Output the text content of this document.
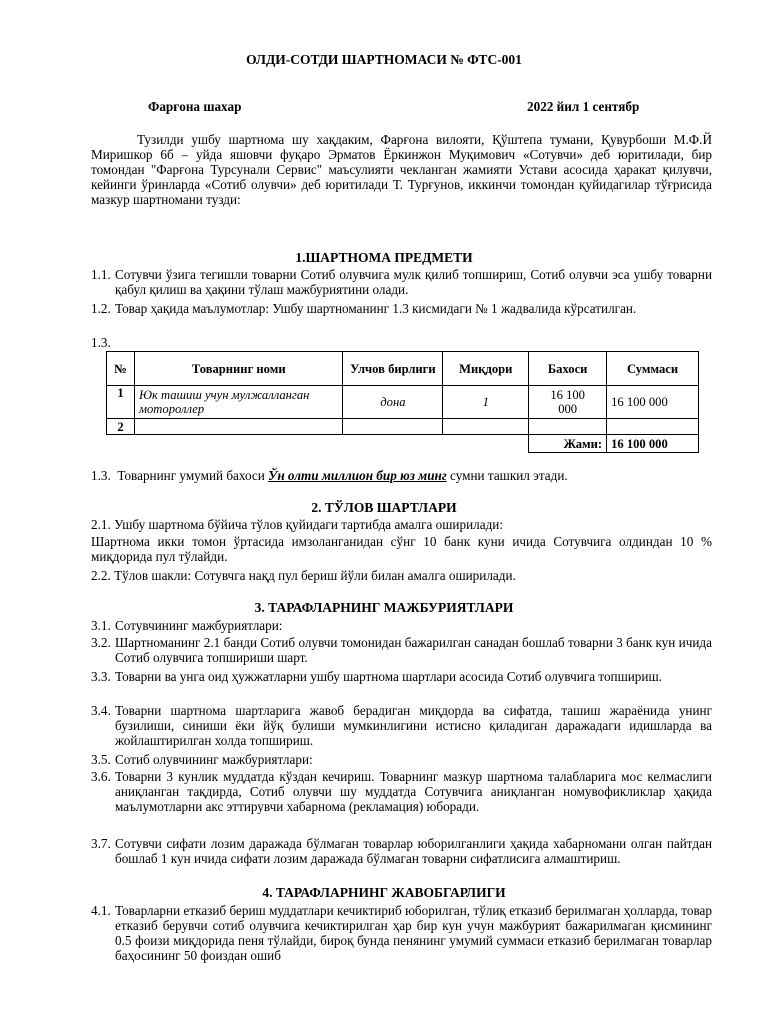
ОЛДИ-СОТДИ ШАРТНОМАСИ № ФТС-001
Фарғона шахар	2022 йил 1 сентябр

Тузилди ушбу шартнома шу хақдаким, Фарғона вилояти, Қўштепа тумани, Қувурбоши М.Ф.Й Миришкор 6б – уйда яшовчи фуқаро Эрматов Ёркинжон Муқимович «Сотувчи» деб юритилади, бир томондан "Фарғона Турсунали Сервис" маъсулияти чекланган жамияти Устави асосида ҳаракат қилувчи, кейинги ўринларда «Сотиб олувчи» деб юритилади Т. Турғунов, иккинчи томондан қуйидагилар тўғрисида мазкур шартномани тузди:

1.ШАРТНОМА ПРЕДМЕТИ
1.1. Сотувчи ўзига тегишли товарни Сотиб олувчига мулк қилиб топшириш, Сотиб олувчи эса ушбу товарни қабул қилиш ва ҳақини тўлаш мажбуриятини олади.
1.2. Товар ҳақида маълумотлар: Ушбу шартноманинг 1.3 кисмидаги № 1 жадвалида кўрсатилган.
1.3.
№	Товарнинг номи	Улчов бирлиги	Миқдори	Бахоси	Суммаси
1	Юк ташиш учун мулжалланган мотороллер	дона	1	16 100 000	16 100 000
2					
				Жами:	16 100 000
1.3. Товарнинг умумий бахоси Ўн олти миллион бир юз минг сумни ташкил этади.
2. ТЎЛОВ ШАРТЛАРИ
2.1. Ушбу шартнома бўйича тўлов қуйидаги тартибда амалга оширилади:
Шартнома икки томон ўртасида имзоланганидан сўнг 10 банк куни ичида Сотувчига олдиндан 10 % миқдорида пул тўлайди.
2.2. Тўлов шакли: Сотувчга нақд пул бериш йўли билан амалга оширилади.
3. ТАРАФЛАРНИНГ МАЖБУРИЯТЛАРИ
3.1. Сотувчининг мажбуриятлари:
3.2. Шартноманинг 2.1 банди Сотиб олувчи томонидан бажарилган санадан бошлаб товарни 3 банк кун ичида Сотиб олувчига топшириши шарт.
3.3. Товарни ва унга оид ҳужжатларни ушбу шартнома шартлари асосида Сотиб олувчига топшириш.
3.4. Товарни шартнома шартларига жавоб берадиган миқдорда ва сифатда, ташиш жараёнида унинг бузилиши, синиши ёки йўқ булиши мумкинлигини истисно қиладиган даражадаги идишларда ва жойлаштирилган холда топшириш.
3.5. Сотиб олувчининг мажбуриятлари:
3.6. Товарни 3 кунлик муддатда кўздан кечириш. Товарнинг мазкур шартнома талабларига мос келмаслиги аниқланган тақдирда, Сотиб олувчи шу муддатда Сотувчига аниқланган номувофикликлар ҳақида маълумотларни акс эттирувчи хабарнома (рекламация) юборади.
3.7. Сотувчи сифати лозим даражада бўлмаган товарлар юборилганлиги ҳақида хабарномани олган пайтдан бошлаб 1 кун ичида сифати лозим даражада бўлмаган товарни сифатлисига алмаштириш.
4. ТАРАФЛАРНИНГ ЖАВОБГАРЛИГИ
4.1. Товарларни етказиб бериш муддатлари кечиктириб юборилган, тўлиқ етказиб берилмаган ҳолларда, товар етказиб берувчи сотиб олувчига кечиктирилган ҳар бир кун учун мажбурият бажарилмаган қисмининг 0.5 фоизи миқдорида пеня тўлайди, бироқ бунда пенянинг умумий суммаси етказиб берилмаган товарлар баҳосининг 50 фоиздан ошиб
